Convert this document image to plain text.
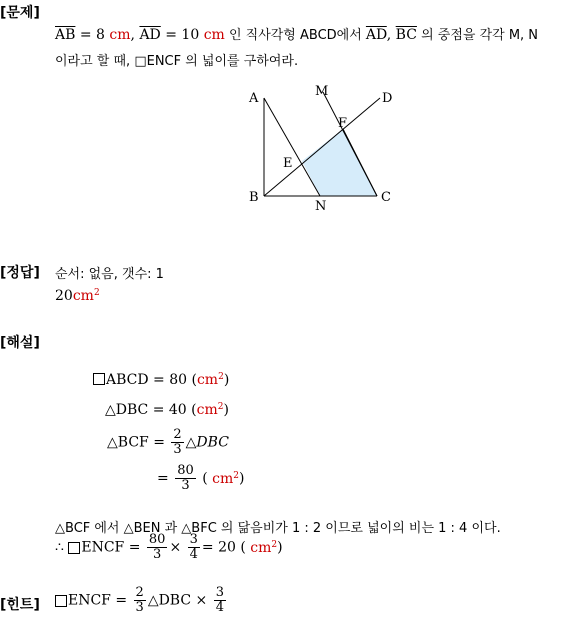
[문제]
$\overline{AB} = 8$ cm, $\overline{AD} = 10$ cm 인 직사각형 ABCD에서 $\overline{AD}$, $\overline{BC}$ 의 중점을 각각 M, N
이라고 할 때, □ENCF 의 넓이를 구하여라.
A	M	D
F
E
B
N
C
[정답] 순서: 없음, 갯수: 1
$20cm^2$
[해설]
ABCD = 80 $(cm^2)$
△DBC = 40 $(cm^2)$
△BCF = $\frac{2}{3}$ △DBC
= $\frac{80}{3}$ ( $cm^2$)
△BCF 에서 △BEN 과 △BFC 의 닮음비가 1 : 2 이므로 넓이의 비는 1 : 4 이다.
∴ ENCF = $\frac{80}{3} \times \frac{3}{4} = 20$ ( $cm^2$)
[힌트]	ENCF = $\frac{2}{3}$ △DBC × $\frac{3}{4}$
